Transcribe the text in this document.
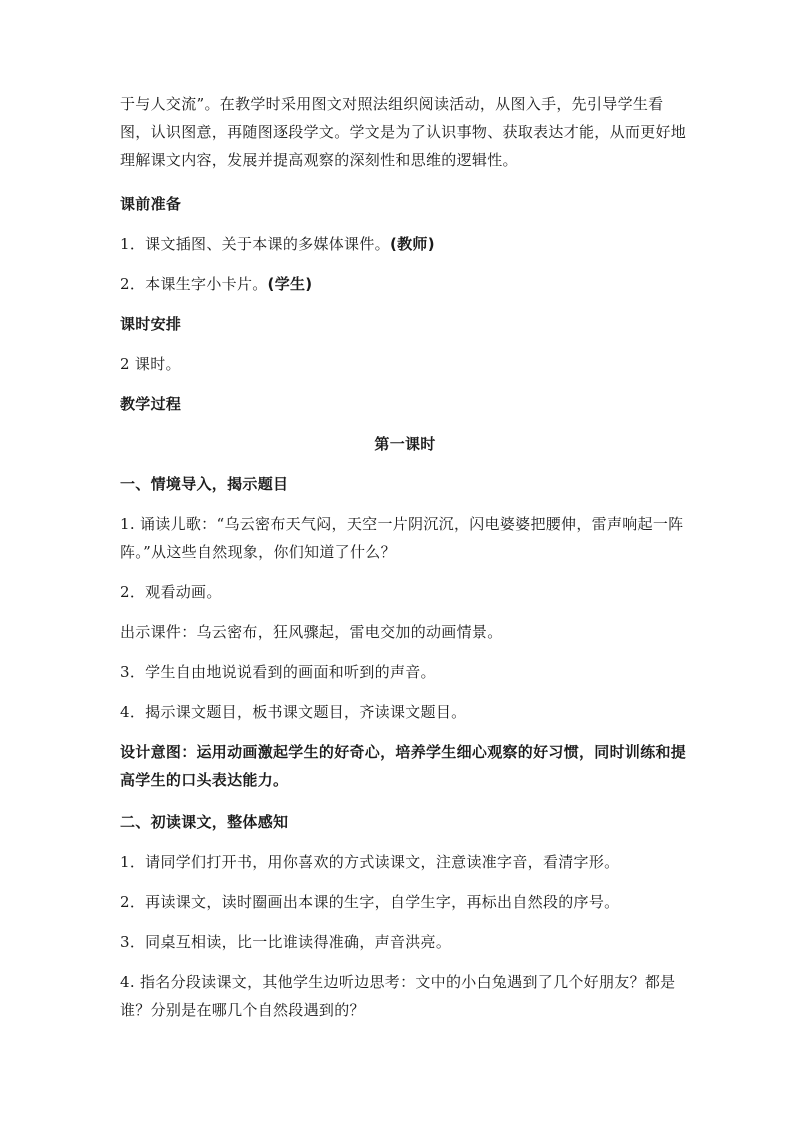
于与人交流”。在教学时采用图文对照法组织阅读活动，从图入手，先引导学生看图，认识图意，再随图逐段学文。学文是为了认识事物、获取表达才能，从而更好地理解课文内容，发展并提高观察的深刻性和思维的逻辑性。

课前准备

1．课文插图、关于本课的多媒体课件。(教师)

2．本课生字小卡片。(学生)

课时安排

2 课时。

教学过程

第一课时

一、情境导入，揭示题目

1. 诵读儿歌：“乌云密布天气闷，天空一片阴沉沉，闪电婆婆把腰伸，雷声响起一阵阵。”从这些自然现象，你们知道了什么？

2．观看动画。

出示课件：乌云密布，狂风骤起，雷电交加的动画情景。

3．学生自由地说说看到的画面和听到的声音。

4．揭示课文题目，板书课文题目，齐读课文题目。

设计意图：运用动画激起学生的好奇心，培养学生细心观察的好习惯，同时训练和提高学生的口头表达能力。

二、初读课文，整体感知

1．请同学们打开书，用你喜欢的方式读课文，注意读准字音，看清字形。

2．再读课文，读时圈画出本课的生字，自学生字，再标出自然段的序号。

3．同桌互相读，比一比谁读得准确，声音洪亮。

4. 指名分段读课文，其他学生边听边思考：文中的小白兔遇到了几个好朋友？都是谁？分别是在哪几个自然段遇到的？
